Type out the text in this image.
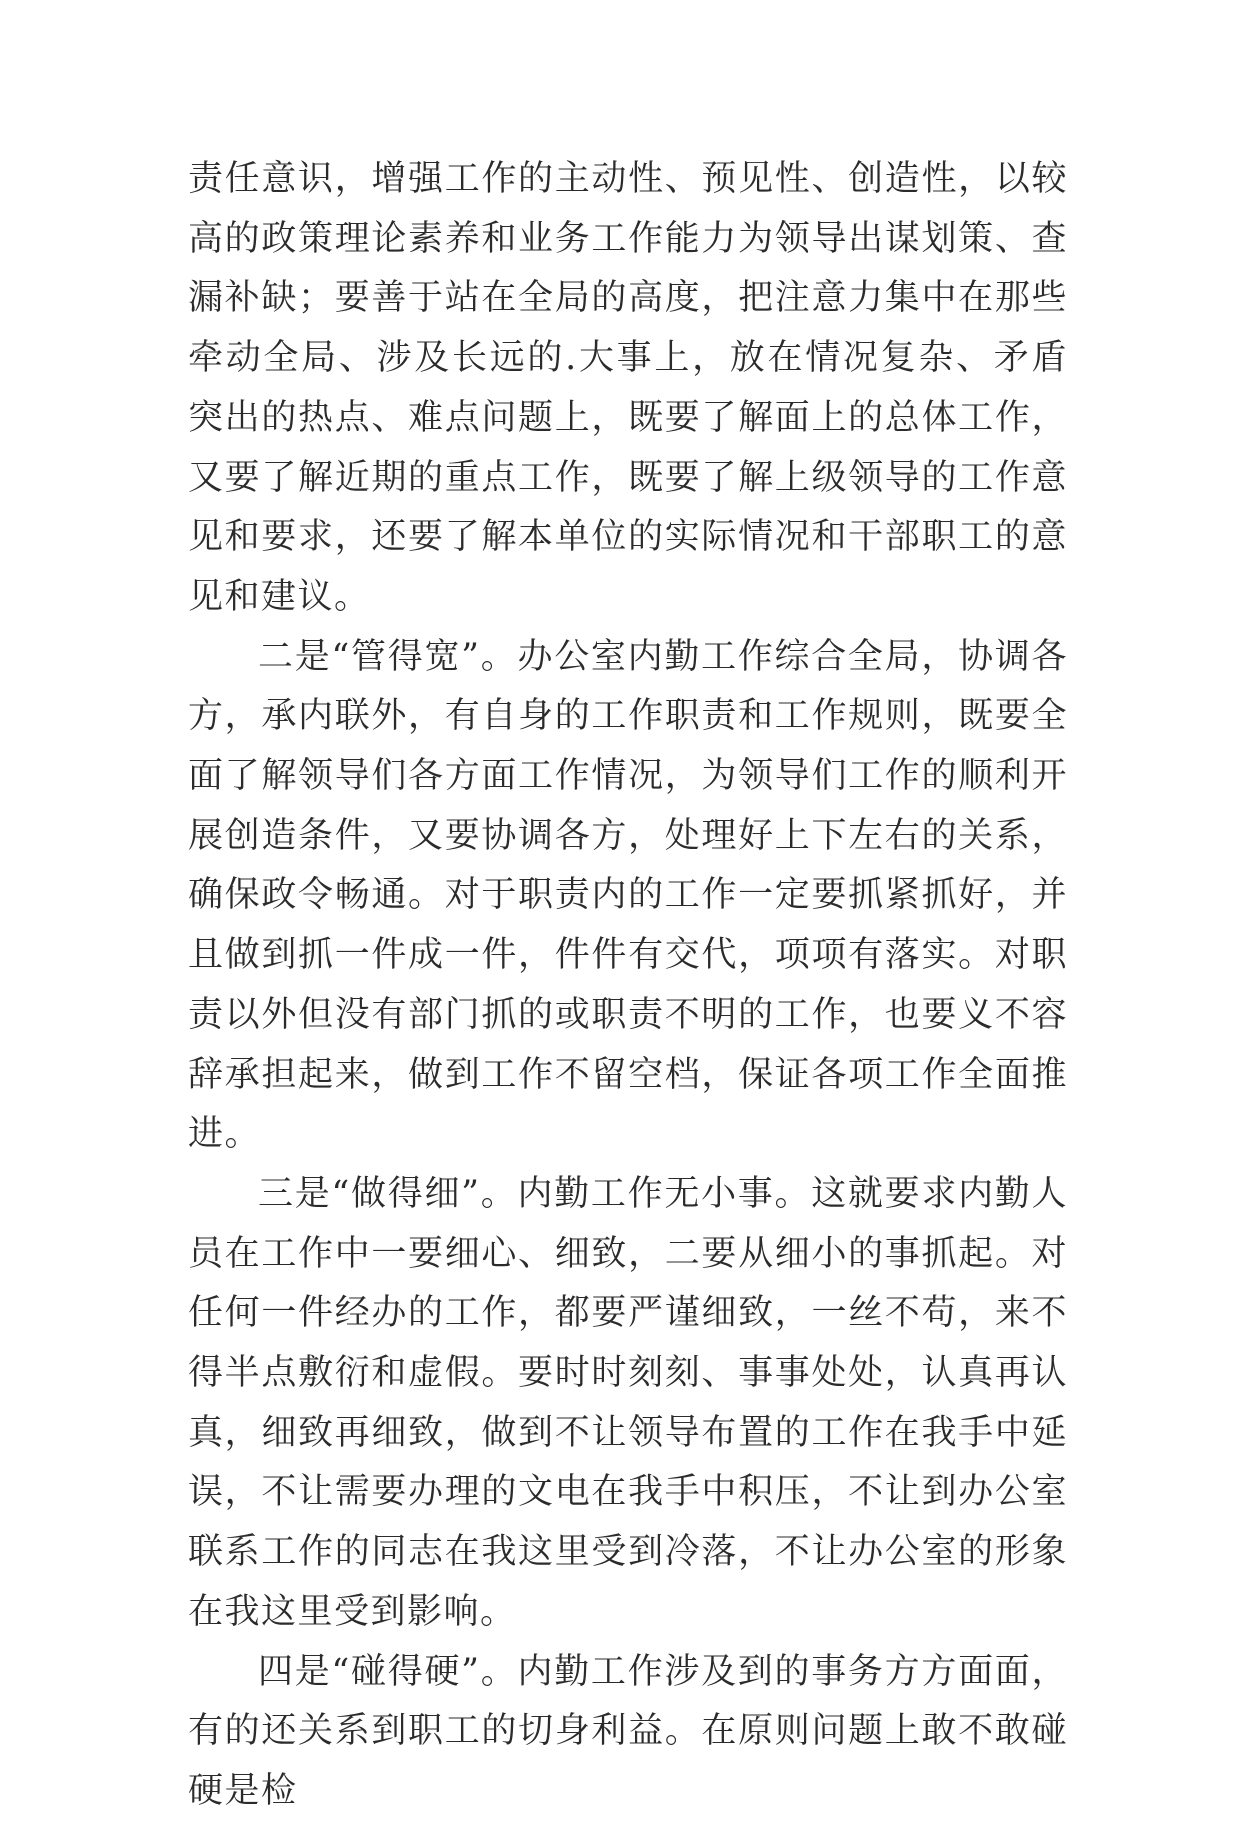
责任意识，增强工作的主动性、预见性、创造性，以较高的政策理论素养和业务工作能力为领导出谋划策、查漏补缺；要善于站在全局的高度，把注意力集中在那些牵动全局、涉及长远的.大事上，放在情况复杂、矛盾突出的热点、难点问题上，既要了解面上的总体工作，又要了解近期的重点工作，既要了解上级领导的工作意见和要求，还要了解本单位的实际情况和干部职工的意见和建议。

二是“管得宽”。办公室内勤工作综合全局，协调各方，承内联外，有自身的工作职责和工作规则，既要全面了解领导们各方面工作情况，为领导们工作的顺利开展创造条件，又要协调各方，处理好上下左右的关系，确保政令畅通。对于职责内的工作一定要抓紧抓好，并且做到抓一件成一件，件件有交代，项项有落实。对职责以外但没有部门抓的或职责不明的工作，也要义不容辞承担起来，做到工作不留空档，保证各项工作全面推进。

三是“做得细”。内勤工作无小事。这就要求内勤人员在工作中一要细心、细致，二要从细小的事抓起。对任何一件经办的工作，都要严谨细致，一丝不苟，来不得半点敷衍和虚假。要时时刻刻、事事处处，认真再认真，细致再细致，做到不让领导布置的工作在我手中延误，不让需要办理的文电在我手中积压，不让到办公室联系工作的同志在我这里受到冷落，不让办公室的形象在我这里受到影响。

四是“碰得硬”。内勤工作涉及到的事务方方面面，有的还关系到职工的切身利益。在原则问题上敢不敢碰硬是检
